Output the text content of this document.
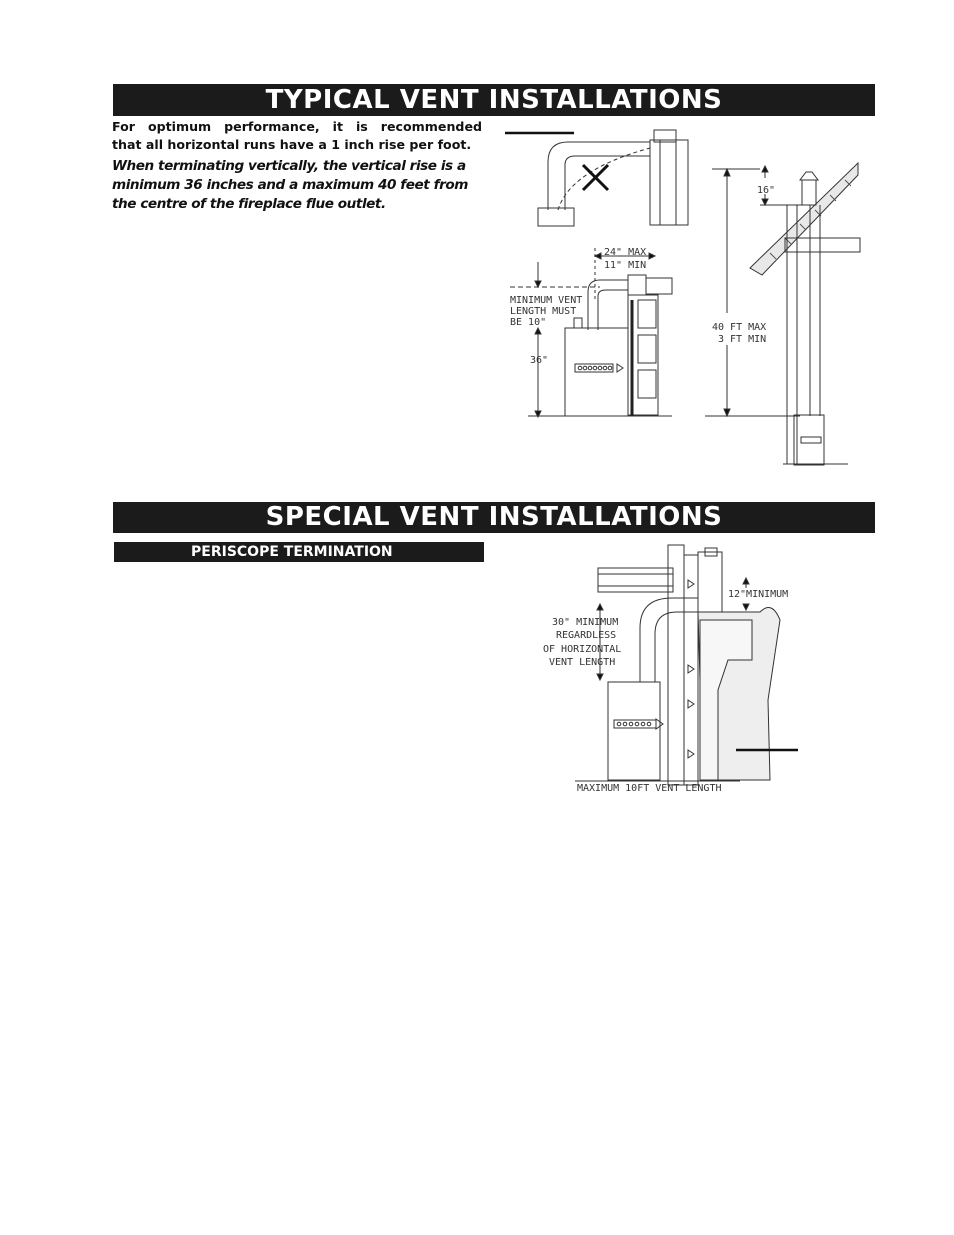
TYPICAL VENT INSTALLATIONS
For optimum performance, it is recommended
that all horizontal runs have a 1 inch rise per foot.
When terminating vertically, the vertical rise is a minimum 36 inches and a maximum 40 feet from the centre of the fireplace flue outlet.
24" MAX
11" MIN
MINIMUM VENT
LENGTH MUST
BE 10"
36"
16"
40 FT MAX
3 FT MIN
12"MINIMUM
30" MINIMUM
REGARDLESS
OF HORIZONTAL
VENT LENGTH
MAXIMUM 10FT VENT LENGTH
SPECIAL VENT INSTALLATIONS
PERISCOPE TERMINATION
